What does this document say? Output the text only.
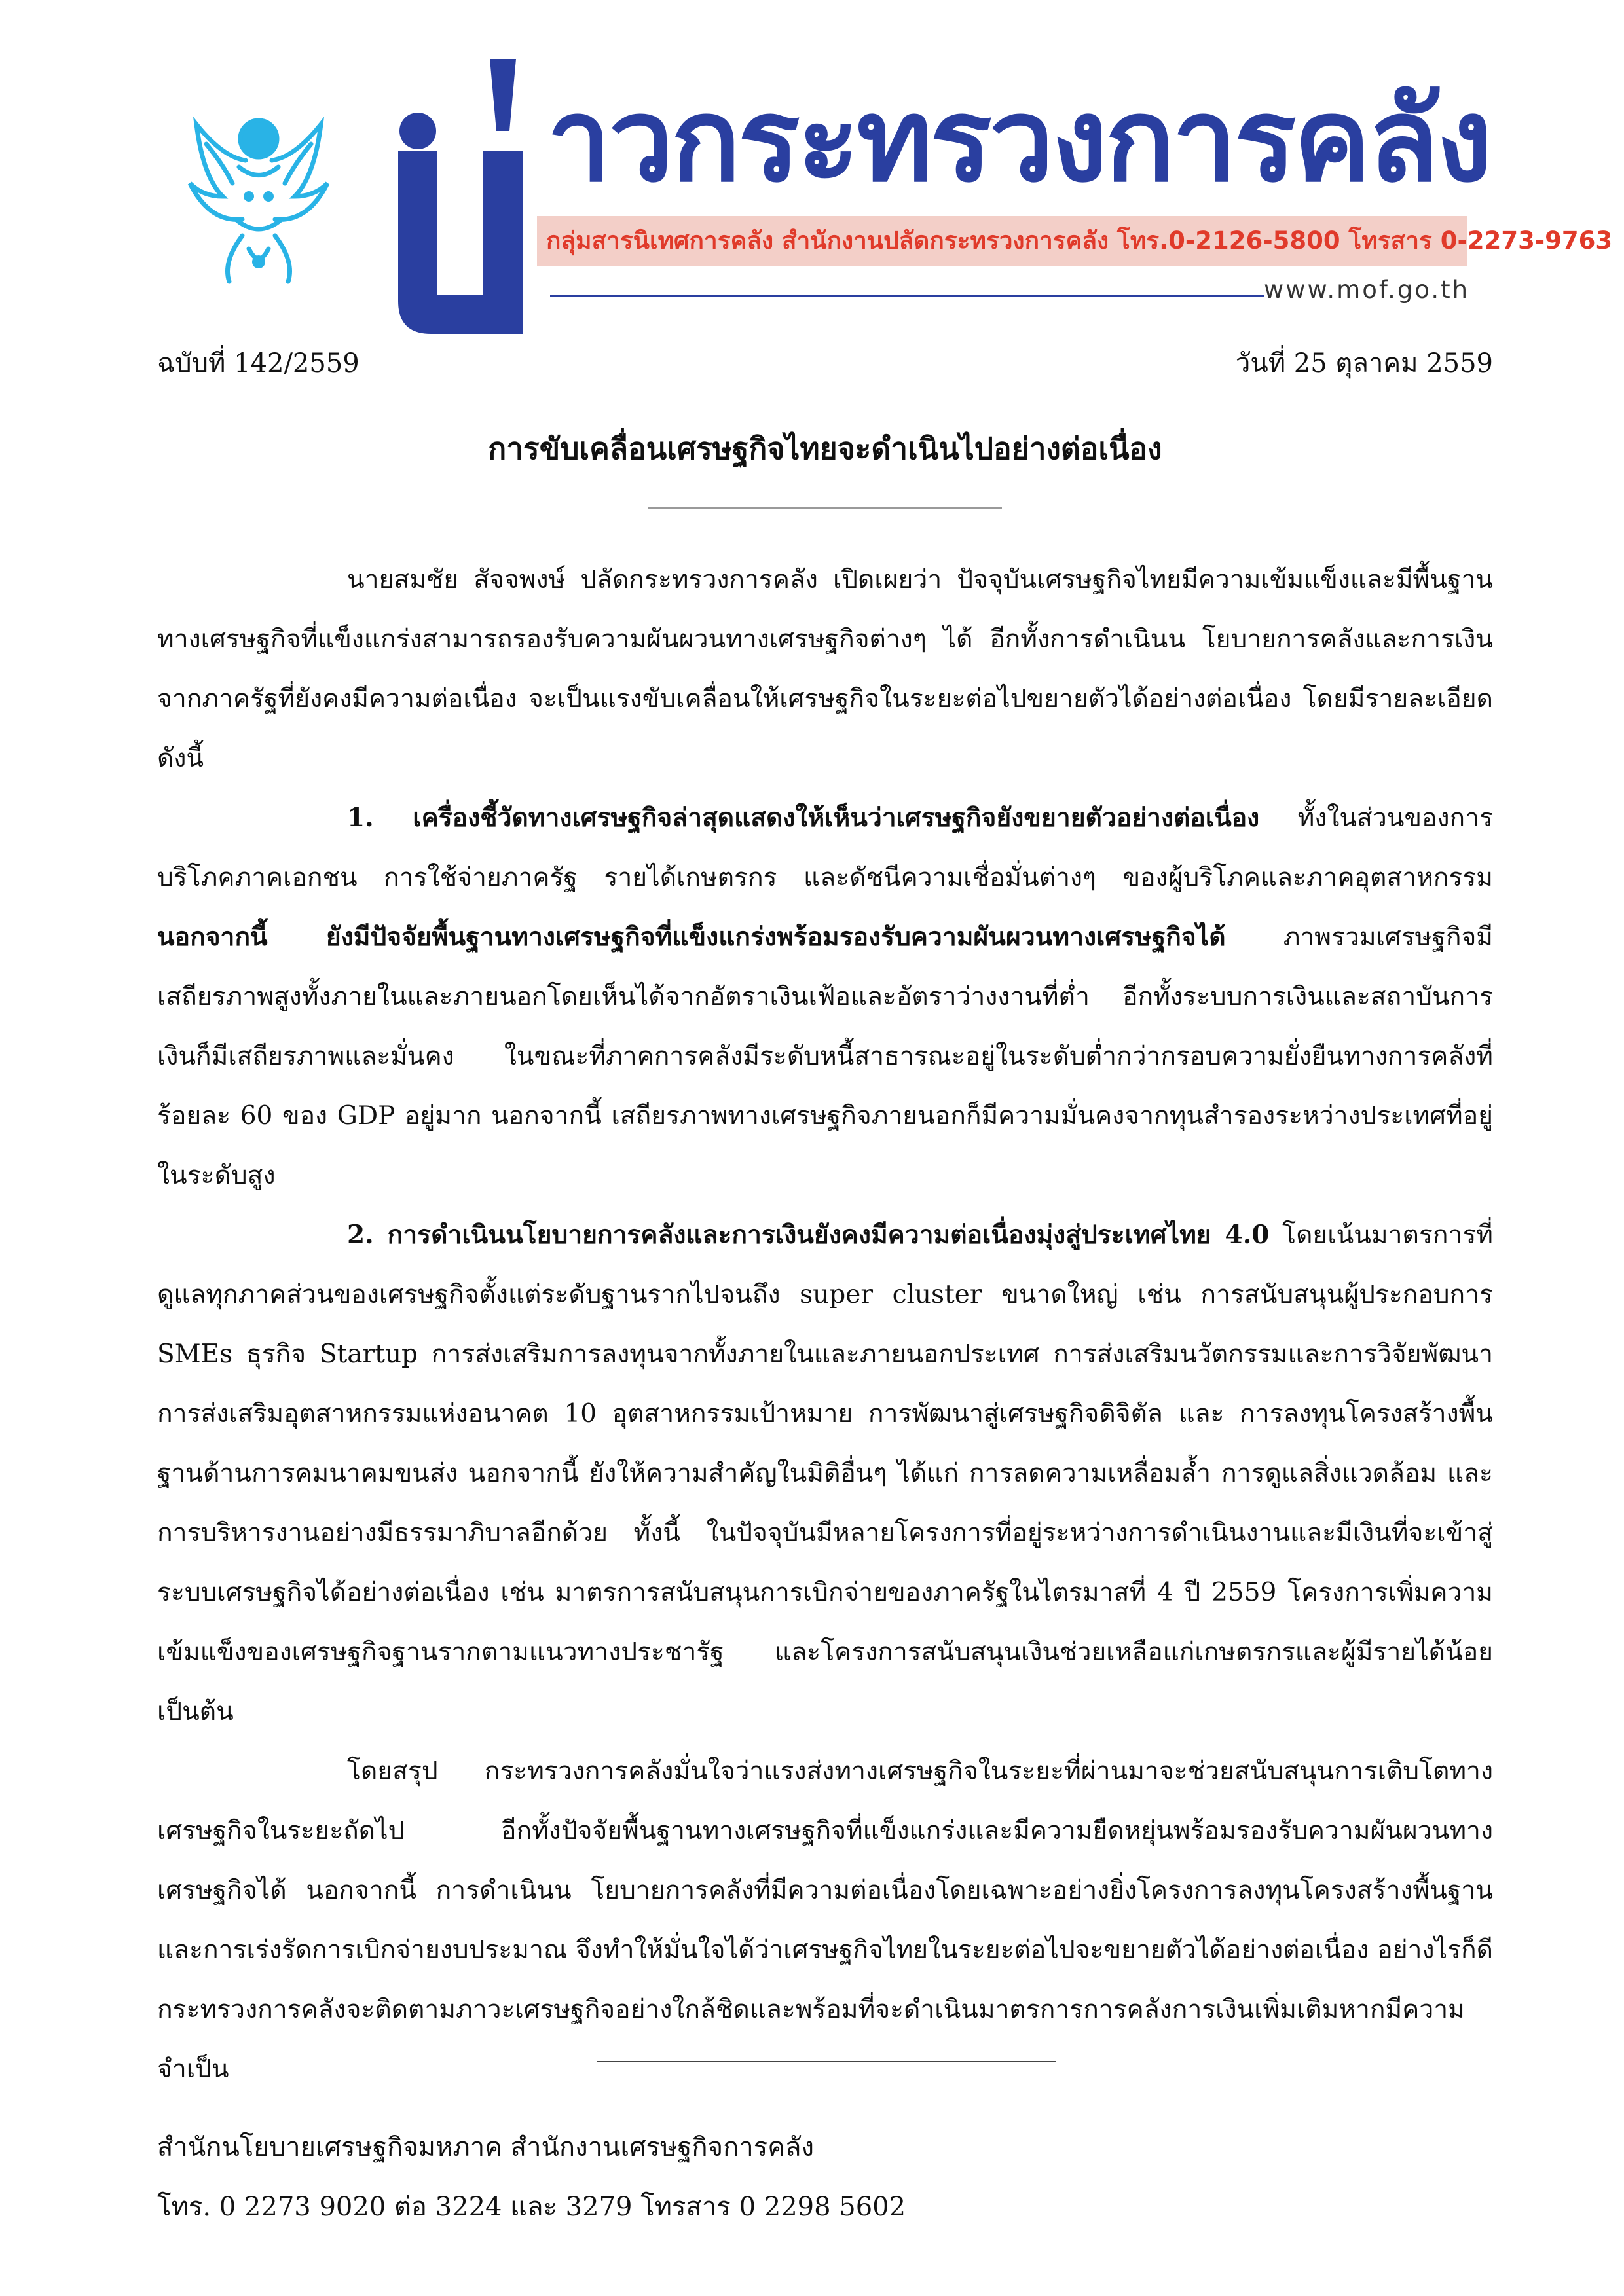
าวกระทรวงการคลัง
กลุ่มสารนิเทศการคลัง สำนักงานปลัดกระทรวงการคลัง โทร.0-2126-5800 โทรสาร 0-2273-9763
www.mof.go.th
ฉบับที่ 142/2559	วันที่ 25 ตุลาคม 2559
การขับเคลื่อนเศรษฐกิจไทยจะดำเนินไปอย่างต่อเนื่อง

นายสมชัย สัจจพงษ์ ปลัดกระทรวงการคลัง เปิดเผยว่า ปัจจุบันเศรษฐกิจไทยมีความเข้มแข็งและมีพื้นฐานทางเศรษฐกิจที่แข็งแกร่งสามารถรองรับความผันผวนทางเศรษฐกิจต่างๆ ได้ อีกทั้งการดำเนินน โยบายการคลังและการเงินจากภาครัฐที่ยังคงมีความต่อเนื่อง จะเป็นแรงขับเคลื่อนให้เศรษฐกิจในระยะต่อไปขยายตัวได้อย่างต่อเนื่อง โดยมีรายละเอียด ดังนี้

1. เครื่องชี้วัดทางเศรษฐกิจล่าสุดแสดงให้เห็นว่าเศรษฐกิจยังขยายตัวอย่างต่อเนื่อง ทั้งในส่วนของการบริโภคภาคเอกชน การใช้จ่ายภาครัฐ รายได้เกษตรกร และดัชนีความเชื่อมั่นต่างๆ ของผู้บริโภคและภาคอุตสาหกรรม นอกจากนี้ ยังมีปัจจัยพื้นฐานทางเศรษฐกิจที่แข็งแกร่งพร้อมรองรับความผันผวนทางเศรษฐกิจได้ ภาพรวมเศรษฐกิจมีเสถียรภาพสูงทั้งภายในและภายนอกโดยเห็นได้จากอัตราเงินเฟ้อและอัตราว่างงานที่ต่ำ อีกทั้งระบบการเงินและสถาบันการเงินก็มีเสถียรภาพและมั่นคง ในขณะที่ภาคการคลังมีระดับหนี้สาธารณะอยู่ในระดับต่ำกว่ากรอบความยั่งยืนทางการคลังที่ร้อยละ 60 ของ GDP อยู่มาก นอกจากนี้ เสถียรภาพทางเศรษฐกิจภายนอกก็มีความมั่นคงจากทุนสำรองระหว่างประเทศที่อยู่ในระดับสูง

2. การดำเนินนโยบายการคลังและการเงินยังคงมีความต่อเนื่องมุ่งสู่ประเทศไทย 4.0 โดยเน้นมาตรการที่ดูแลทุกภาคส่วนของเศรษฐกิจตั้งแต่ระดับฐานรากไปจนถึง super cluster ขนาดใหญ่ เช่น การสนับสนุนผู้ประกอบการ SMEs ธุรกิจ Startup การส่งเสริมการลงทุนจากทั้งภายในและภายนอกประเทศ การส่งเสริมนวัตกรรมและการวิจัยพัฒนา การส่งเสริมอุตสาหกรรมแห่งอนาคต 10 อุตสาหกรรมเป้าหมาย การพัฒนาสู่เศรษฐกิจดิจิตัล และ การลงทุนโครงสร้างพื้นฐานด้านการคมนาคมขนส่ง นอกจากนี้ ยังให้ความสำคัญในมิติอื่นๆ ได้แก่ การลดความเหลื่อมล้ำ การดูแลสิ่งแวดล้อม และการบริหารงานอย่างมีธรรมาภิบาลอีกด้วย ทั้งนี้ ในปัจจุบันมีหลายโครงการที่อยู่ระหว่างการดำเนินงานและมีเงินที่จะเข้าสู่ระบบเศรษฐกิจได้อย่างต่อเนื่อง เช่น มาตรการสนับสนุนการเบิกจ่ายของภาครัฐในไตรมาสที่ 4 ปี 2559 โครงการเพิ่มความเข้มแข็งของเศรษฐกิจฐานรากตามแนวทางประชารัฐ และโครงการสนับสนุนเงินช่วยเหลือแก่เกษตรกรและผู้มีรายได้น้อย เป็นต้น

โดยสรุป กระทรวงการคลังมั่นใจว่าแรงส่งทางเศรษฐกิจในระยะที่ผ่านมาจะช่วยสนับสนุนการเติบโตทางเศรษฐกิจในระยะถัดไป อีกทั้งปัจจัยพื้นฐานทางเศรษฐกิจที่แข็งแกร่งและมีความยืดหยุ่นพร้อมรองรับความผันผวนทางเศรษฐกิจได้ นอกจากนี้ การดำเนินน โยบายการคลังที่มีความต่อเนื่องโดยเฉพาะอย่างยิ่งโครงการลงทุนโครงสร้างพื้นฐาน และการเร่งรัดการเบิกจ่ายงบประมาณ จึงทำให้มั่นใจได้ว่าเศรษฐกิจไทยในระยะต่อไปจะขยายตัวได้อย่างต่อเนื่อง อย่างไรก็ดี กระทรวงการคลังจะติดตามภาวะเศรษฐกิจอย่างใกล้ชิดและพร้อมที่จะดำเนินมาตรการการคลังการเงินเพิ่มเติมหากมีความจำเป็น

สำนักนโยบายเศรษฐกิจมหภาค สำนักงานเศรษฐกิจการคลัง
โทร. 0 2273 9020 ต่อ 3224 และ 3279 โทรสาร 0 2298 5602
